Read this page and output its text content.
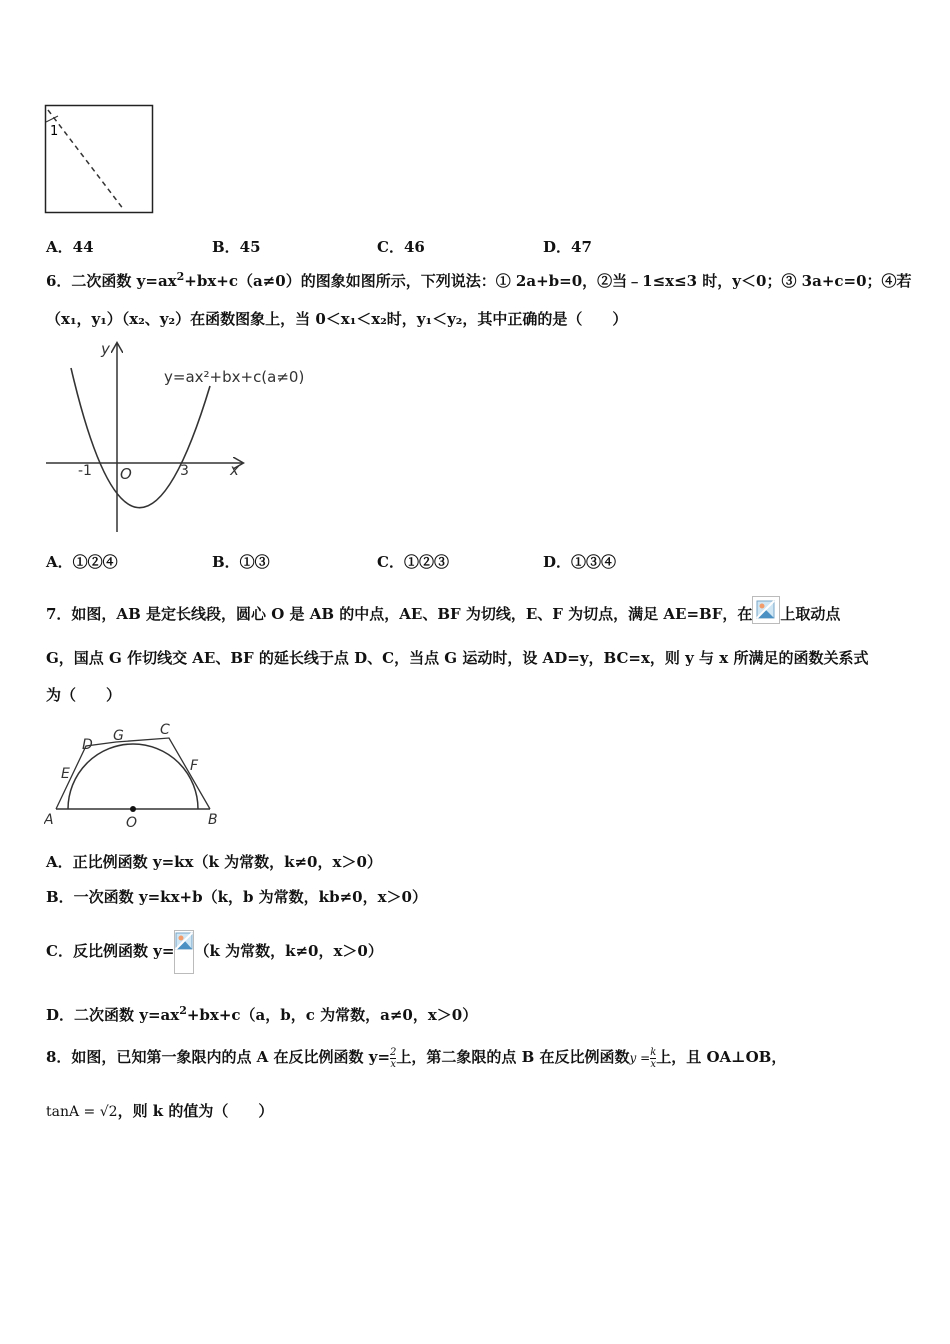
1
A．44	B．45	C．46	D．47
6．二次函数 $y=ax^2+bx+c(a\ne 0)$的图象如图所示，下列说法：① 2a+b=0，②当﹣1≤x≤3 时，y＜0；③ 3a+c=0；④若
（x₁，y₁）（x₂、y₂）在函数图象上，当 0＜x₁＜x₂时，y₁＜y₂，其中正确的是（　　）
y
x
O
-1	3
y=ax²+bx+c(a≠0)
A．①②④	B．①③	C．①②③	D．①③④
7．如图，AB 是定长线段，圆心 O 是 AB 的中点，AE、BF 为切线，E、F 为切点，满足 AE=BF，在 上取动点
G，国点 G 作切线交 AE、BF 的延长线于点 D、C，当点 G 运动时，设 AD=y，BC=x，则 y 与 x 所满足的函数关系式
为（　　）
A	O	B
D
G	C
E	F
A．正比例函数 y=kx（k 为常数，k≠0，x＞0）
B．一次函数 y=kx+b（k，b 为常数，kb≠0，x＞0）
C．反比例函数 y= （k 为常数，k≠0，x＞0）
D．二次函数 $y=ax^2+bx+c(a$，b，c 为常数，a≠0，x＞0）
8．如图，已知第一象限内的点 A 在反比例函数 $y= \frac{2}{x}$ 上，第二象限的点 B 在反比例函数$y = \frac{k}{x}$ 上，且 OA⊥OB，
tanA = √2，则 k 的值为（　　）
